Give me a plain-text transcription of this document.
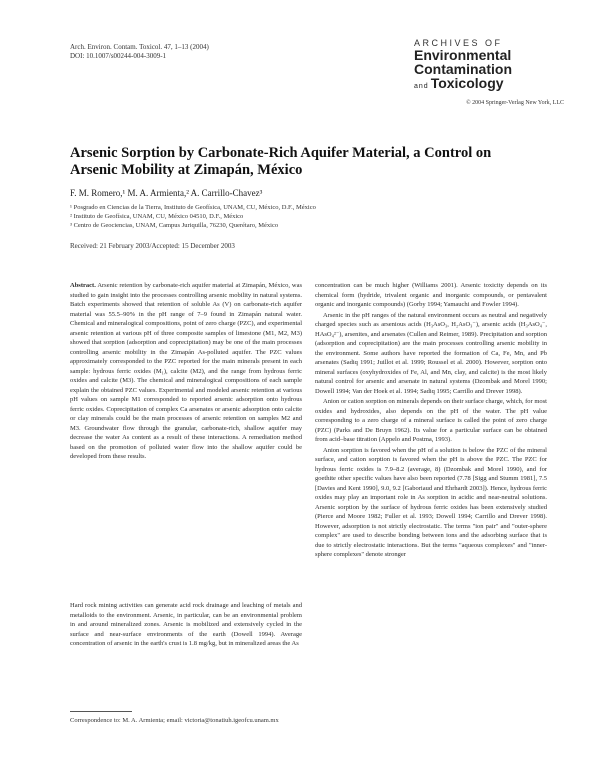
Arch. Environ. Contam. Toxicol. 47, 1–13 (2004)
DOI: 10.1007/s00244-004-3009-1
ARCHIVES OF
Environmental
Contamination
and Toxicology
© 2004 Springer-Verlag New York, LLC
Arsenic Sorption by Carbonate-Rich Aquifer Material, a Control on Arsenic Mobility at Zimapán, México
F. M. Romero,¹ M. A. Armienta,² A. Carrillo-Chavez³
¹ Posgrado en Ciencias de la Tierra, Instituto de Geofísica, UNAM, CU, México, D.F., México
² Instituto de Geofísica, UNAM, CU, México 04510, D.F., México
³ Centro de Geociencias, UNAM, Campus Juriquilla, 76230, Querétaro, México
Received: 21 February 2003/Accepted: 15 December 2003

Abstract. Arsenic retention by carbonate-rich aquifer material at Zimapán, México, was studied to gain insight into the processes controlling arsenic mobility in natural systems. Batch experiments showed that retention of soluble As (V) on carbonate-rich aquifer material was 55.5–90% in the pH range of 7–9 found in Zimapán natural water. Chemical and mineralogical compositions, point of zero charge (PZC), and experimental arsenic retention at various pH of three composite samples of limestone (M1, M2, M3) showed that sorption (adsorption and coprecipitation) may be one of the main processes controlling arsenic mobility in the Zimapán As-polluted aquifer. The PZC values approximately corresponded to the PZC reported for the main minerals present in each sample: hydrous ferric oxides (M₁), calcite (M2), and the range from hydrous ferric oxides and calcite (M3). The chemical and mineralogical compositions of each sample explain the obtained PZC values. Experimental and modeled arsenic retention at various pH values on sample M1 corresponded to reported arsenic adsorption onto hydrous ferric oxides. Coprecipitation of complex Ca arsenates or arsenic adsorption onto calcite or clay minerals could be the main processes of arsenic retention on samples M2 and M3. Groundwater flow through the granular, carbonate-rich, shallow aquifer may decrease the water As content as a result of these interactions. A remediation method based on the promotion of polluted water flow into the shallow aquifer could be developed from these results.

Hard rock mining activities can generate acid rock drainage and leaching of metals and metalloids to the environment. Arsenic, in particular, can be an environmental problem in and around mineralized zones. Arsenic is mobilized and extensively cycled in the surface and near-surface environments of the earth (Dowell 1994). Average concentration of arsenic in the earth's crust is 1.8 mg/kg, but in mineralized areas the As

Correspondence to: M. A. Armienta; email: victoria@tonatiuh.igeofcu.unam.mx

concentration can be much higher (Williams 2001). Arsenic toxicity depends on its chemical form (hydride, trivalent organic and inorganic compounds, or pentavalent organic and inorganic compounds) (Gorby 1994; Yamauchi and Fowler 1994).

Arsenic in the pH ranges of the natural environment occurs as neutral and negatively charged species such as arsenious acids (H₃AsO₃, H₂AsO₃⁻), arsenic acids (H₃AsO₄⁻, HAsO₄²⁻), arsenites, and arsenates (Cullen and Reimer, 1989). Precipitation and sorption (adsorption and coprecipitation) are the main processes controlling arsenic mobility in the environment. Some authors have reported the formation of Ca, Fe, Mn, and Pb arsenates (Sadiq 1991; Juillot et al. 1999; Roussel et al. 2000). However, sorption onto mineral surfaces (oxyhydroxides of Fe, Al, and Mn, clay, and calcite) is the most likely natural control for arsenic and arsenate in natural systems (Dzombak and Morel 1990; Dowell 1994; Van der Hoek et al. 1994; Sadiq 1995; Carrillo and Drever 1998).

Anion or cation sorption on minerals depends on their surface charge, which, for most oxides and hydroxides, also depends on the pH of the water. The pH value corresponding to a zero charge of a mineral surface is called the point of zero charge (PZC) (Parks and De Bruyn 1962). Its value for a particular surface can be obtained from acid–base titration (Appelo and Postma, 1993).

Anion sorption is favored when the pH of a solution is below the PZC of the mineral surface, and cation sorption is favored when the pH is above the PZC. The PZC for hydrous ferric oxides is 7.9–8.2 (average, 8) (Dzombak and Morel 1990), and for goethite other specific values have also been reported (7.78 [Sigg and Stumm 1981], 7.5 [Davies and Kent 1990], 9.0, 9.2 [Gaboriaud and Ehrhardt 2003]). Hence, hydrous ferric oxides may play an important role in As sorption in acidic and near-neutral solutions. Arsenic sorption by the surface of hydrous ferric oxides has been extensively studied (Pierce and Moore 1982; Fuller et al. 1993; Dowell 1994; Carrillo and Drever 1998). However, adsorption is not strictly electrostatic. The terms "ion pair" and "outer-sphere complex" are used to describe bonding between ions and the adsorbing surface that is due to strictly electrostatic interactions. But the terms "aqueous complexes" and "inner-sphere complexes" denote stronger
